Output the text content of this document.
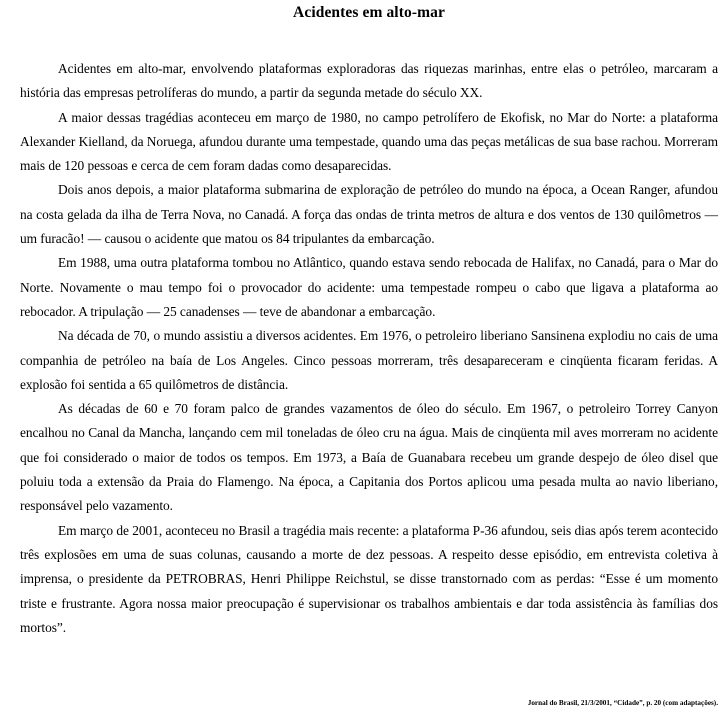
Acidentes em alto-mar

Acidentes em alto-mar, envolvendo plataformas exploradoras das riquezas marinhas, entre elas o petróleo, marcaram a história das empresas petrolíferas do mundo, a partir da segunda metade do século XX.

A maior dessas tragédias aconteceu em março de 1980, no campo petrolífero de Ekofisk, no Mar do Norte: a plataforma Alexander Kielland, da Noruega, afundou durante uma tempestade, quando uma das peças metálicas de sua base rachou. Morreram mais de 120 pessoas e cerca de cem foram dadas como desaparecidas.

Dois anos depois, a maior plataforma submarina de exploração de petróleo do mundo na época, a Ocean Ranger, afundou na costa gelada da ilha de Terra Nova, no Canadá. A força das ondas de trinta metros de altura e dos ventos de 130 quilômetros — um furacão! — causou o acidente que matou os 84 tripulantes da embarcação.

Em 1988, uma outra plataforma tombou no Atlântico, quando estava sendo rebocada de Halifax, no Canadá, para o Mar do Norte. Novamente o mau tempo foi o provocador do acidente: uma tempestade rompeu o cabo que ligava a plataforma ao rebocador. A tripulação — 25 canadenses — teve de abandonar a embarcação.

Na década de 70, o mundo assistiu a diversos acidentes. Em 1976, o petroleiro liberiano Sansinena explodiu no cais de uma companhia de petróleo na baía de Los Angeles. Cinco pessoas morreram, três desapareceram e cinqüenta ficaram feridas. A explosão foi sentida a 65 quilômetros de distância.

As décadas de 60 e 70 foram palco de grandes vazamentos de óleo do século. Em 1967, o petroleiro Torrey Canyon encalhou no Canal da Mancha, lançando cem mil toneladas de óleo cru na água. Mais de cinqüenta mil aves morreram no acidente que foi considerado o maior de todos os tempos. Em 1973, a Baía de Guanabara recebeu um grande despejo de óleo disel que poluiu toda a extensão da Praia do Flamengo. Na época, a Capitania dos Portos aplicou uma pesada multa ao navio liberiano, responsável pelo vazamento.

Em março de 2001, aconteceu no Brasil a tragédia mais recente: a plataforma P-36 afundou, seis dias após terem acontecido três explosões em uma de suas colunas, causando a morte de dez pessoas. A respeito desse episódio, em entrevista coletiva à imprensa, o presidente da PETROBRAS, Henri Philippe Reichstul, se disse transtornado com as perdas: “Esse é um momento triste e frustrante. Agora nossa maior preocupação é supervisionar os trabalhos ambientais e dar toda assistência às famílias dos mortos”.

Jornal do Brasil, 21/3/2001, “Cidade”, p. 20 (com adaptações).
